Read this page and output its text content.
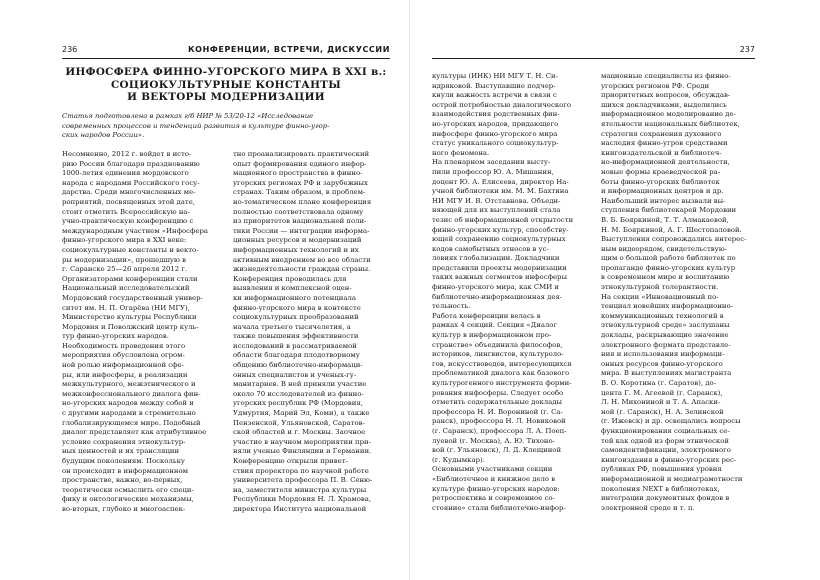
236	КОНФЕРЕНЦИИ, ВСТРЕЧИ, ДИСКУССИИ
ИНФОСФЕРА ФИННО-УГОРСКОГО МИРА В XXI в.:
СОЦИОКУЛЬТУРНЫЕ КОНСТАНТЫ
И ВЕКТОРЫ МОДЕРНИЗАЦИИ
Статья подготовлена в рамках г/б НИР № 53/20-12 «Исследование
современных процессов и тенденций развития в культуре финно-угор-
ских народов России».

Несомненно, 2012 г. войдет в исто-

рию России благодаря празднованию

1000-летия единения мордовского

народа с народами Российского госу-

дарства. Среди многочисленных ме-

роприятий, посвященных этой дате,

стоит отметить Всероссийскую на-

учно-практическую конференцию с

международным участием «Инфосфера

финно-угорского мира в XXI веке:

социокультурные константы и векто-

ры модернизации», прошедшую в

г. Саранске 25—26 апреля 2012 г.

Организаторами конференции стали

Национальный исследовательский

Мордовский государственный универ-

ситет им. Н. П. Огарёва (НИ МГУ),

Министерство культуры Республики

Мордовия и Поволжский центр куль-

тур финно-угорских народов.

Необходимость проведения этого

мероприятия обусловлена огром-

ной ролью информационной сфе-

ры, или инфосферы, в реализации

межкультурного, межэтнического и

межконфессионального диалога фин-

но-угорских народов между собой и

с другими народами в стремительно

глобализирующемся мире. Подобный

диалог представляет как атрибутивное

условие сохранения этнокультур-

ных ценностей и их трансляции

будущим поколениям. Поскольку

он происходит в информационном

пространстве, важно, во-первых,

теоретически осмыслить его специ-

фику и онтологические механизмы,

во-вторых, глубоко и многоаспек-

тно проанализировать практический

опыт формирования единого инфор-

мационного пространства в финно-

угорских регионах РФ и зарубежных

странах. Таким образом, в проблем-

но-тематическом плане конференция

полностью соответствовала одному

из приоритетов национальной поли-

тики России — интеграции информа-

ционных ресурсов и модернизаций

информационных технологий и их

активным внедрением во все области

жизнедеятельности граждан страны.

Конференция проводилась для

выявления и комплексной оцен-

ки информационного потенциала

финно-угорского мира в контексте

социокультурных преобразований

начала третьего тысячелетия, а

также повышения эффективности

исследований в рассматриваемой

области благодаря плодотворному

общению библиотечно-информаци-

онных специалистов и ученых-гу-

манитариев. В ней приняли участие

около 70 исследователей из финно-

угорских республик РФ (Мордовия,

Удмуртия, Марий Эл, Коми), а также

Пензенской, Ульяновской, Саратов-

ской областей и г. Москвы. Заочное

участие в научном мероприятии при-

няли ученые Финляндии и Германии.

Конференцию открыли привет-

ствия проректора по научной работе

университета профессора П. В. Сеню-

на, заместителя министра культуры

Республики Мордовия Н. Л. Храмова,

директора Института национальной

237

культуры (ИНК) НИ МГУ Т. Н. Си-

ндряковой. Выступавшие подчер-

кнули важность встречи в связи с

острой потребностью диалогического

взаимодействия родственных фин-

но-угорских народов, придающего

инфосфере финно-угорского мира

статус уникального социокультур-

ного феномена.

На пленарном заседании высту-

пили профессор Ю. А. Мишанин,

доцент Ю. А. Елисеева, директор На-

учной библиотеки им. М. М. Бахтина

НИ МГУ И. В. Отставнова. Объеди-

няющей для их выступлений стала

тезис об информационной открытости

финно-угорских культур, способству-

ющей сохранению социокультурных

кодов самобытных этносов в ус-

ловиях глобализации. Докладчики

представили проекты модернизации

таких важных сегментов инфосферы

финно-угорского мира, как СМИ и

библиотечно-информационная дея-

тельность.

Работа конференции велась в

рамках 4 секций. Секция «Диалог

культур в информационном про-

странстве» объединила философов,

историков, лингвистов, культуроло-

гов, искусствоведов, интересующихся

проблематикой диалога как базового

культурогенного инструмента форми-

рования инфосферы. Следует особо

отметить содержательные доклады

профессора Н. И. Ворониной (г. Са-

ранск), профессора Н. Л. Новиковой

(г. Саранск), профессора Л. А. Поеп-

луевой (г. Москва), А. Ю. Тихоно-

вой (г. Ульяновск), Л. Д. Клещиной

(г. Кудымкар).

Основными участниками секции

«Библиотечное и книжное дело в

культуре финно-угорских народов:

ретроспектива и современное со-

стояние» стали библиотечно-инфор-

мационные специалисты из финно-

угорских регионов РФ. Среди

приоритетных вопросов, обсуждав-

шихся докладчиками, выделились

информационное моделирование де-

ятельности национальных библиотек,

стратегия сохранения духовного

наследия финно-угров средствами

книгоиздательской и библиотеч-

но-информационной деятельности,

новые формы краеведческой ра-

боты финно-угорских библиотек

и информационных центров и др.

Наибольший интерес вызвали вы-

ступления библиотекарей Мордовии

В. Б. Бояркиной, Т. Т. Алмакаевой,

Н. М. Бояркиной, А. Г. Шестопаловой.

Выступления сопровождались интерес-

ным видеорядом, свидетельствую-

щим о большой работе библиотек по

пропаганде финно-угорских культур

в современном мире и воспитанию

этнокультурной толерантности.

На секции «Инновационный по-

тенциал новейших информационно-

коммуникационных технологий в

этнокультурной среде» заслушаны

доклады, раскрывающие значение

электронного формата представле-

ния и использования информаци-

онных ресурсов финно-угорского

мира. В выступлениях магистранта

В. О. Коротина (г. Саратов), до-

цента Г. М. Агеевой (г. Саранск),

Л. Н. Михониной и Т. А. Апаски-

ной (г. Саранск), Н. А. Зелинской

(г. Ижевск) и др. освещались вопросы

функционирования социальных се-

тей как одной из форм этнической

самоидентификации, электронного

книгоиздания в финно-угорских рес-

публиках РФ, повышения уровня

информационной и медиаграмотности

поколения NEXT в библиотеках,

интеграции документных фондов в

электронной среде и т. п.
